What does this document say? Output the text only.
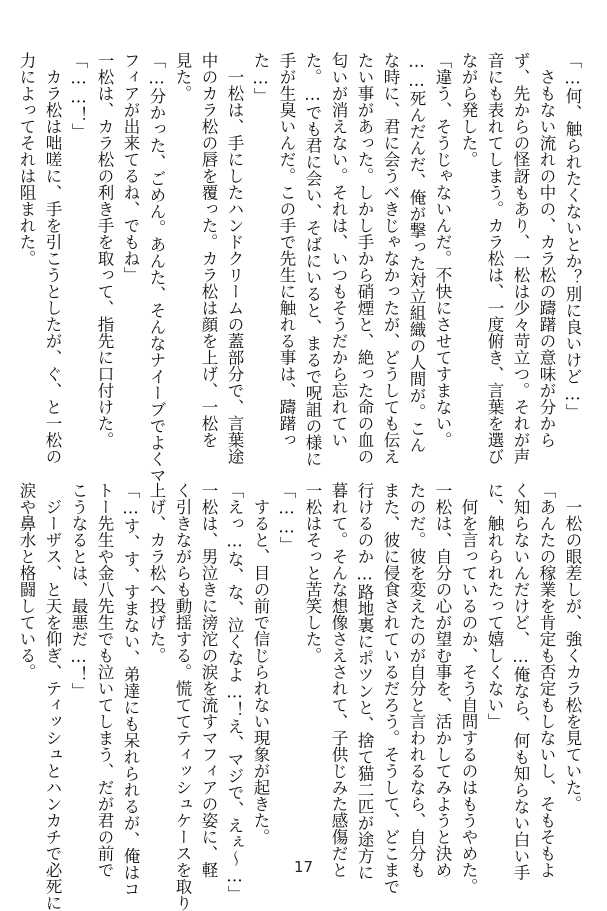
「…何、触られたくないとか？別に良いけど…」
　さもない流れの中の、カラ松の躊躇の意味が分から
ず、先からの怪訝もあり、一松は少々苛立つ。それが声
音にも表れてしまう。カラ松は、一度俯き、言葉を選び
ながら発した。
「違う、そうじゃないんだ。不快にさせてすまない。
……死んだんだ、俺が撃った対立組織の人間が。こん
な時に、君に会うべきじゃなかったが、どうしても伝え
たい事があった。しかし手から硝煙と、絶った命の血の
匂いが消えない。それは、いつもそうだから忘れてい
た。…でも君に会い、そばにいると、まるで呪詛の様に
手が生臭いんだ。この手で先生に触れる事は、躊躇っ
た…」
　一松は、手にしたハンドクリームの蓋部分で、言葉途
中のカラ松の唇を覆った。カラ松は顔を上げ、一松を
見た。
「…分かった、ごめん。あんた、そんなナイーブでよくマ
フィアが出来てるね、でもね」
一松は、カラ松の利き手を取って、指先に口付けた。
「……！」
　カラ松は咄嗟に、手を引こうとしたが、ぐ、と一松の
力によってそれは阻まれた。
　一松の眼差しが、強くカラ松を見ていた。
「あんたの稼業を肯定も否定もしないし、そもそもよ
く知らないんだけど、…俺なら、何も知らない白い手
に、触れられたって嬉しくない」
　何を言っているのか、そう自問するのはもうやめた。
一松は、自分の心が望む事を、活かしてみようと決め
たのだ。彼を変えたのが自分と言われるなら、自分も
また、彼に侵食されているだろう。そうして、どこまで
行けるのか…路地裏にポツンと、捨て猫二匹が途方に
暮れて。そんな想像さえされて、子供じみた感傷だと
一松はそっと苦笑した。
「……」
　すると、目の前で信じられない現象が起きた。
「えっ…な、な、泣くなよ…！え、マジで、えぇ〜…」
一松は、男泣きに滂沱の涙を流すマフィアの姿に、軽
く引きながらも動揺する。慌ててティッシュケースを取り
上げ、カラ松へ投げた。
「…す、す、すまない、弟達にも呆れられるが、俺はコ
トー先生や金八先生でも泣いてしまう、だが君の前で
こうなるとは、最悪だ…！」
　ジーザス、と天を仰ぎ、ティッシュとハンカチで必死に
涙や鼻水と格闘している。
17
